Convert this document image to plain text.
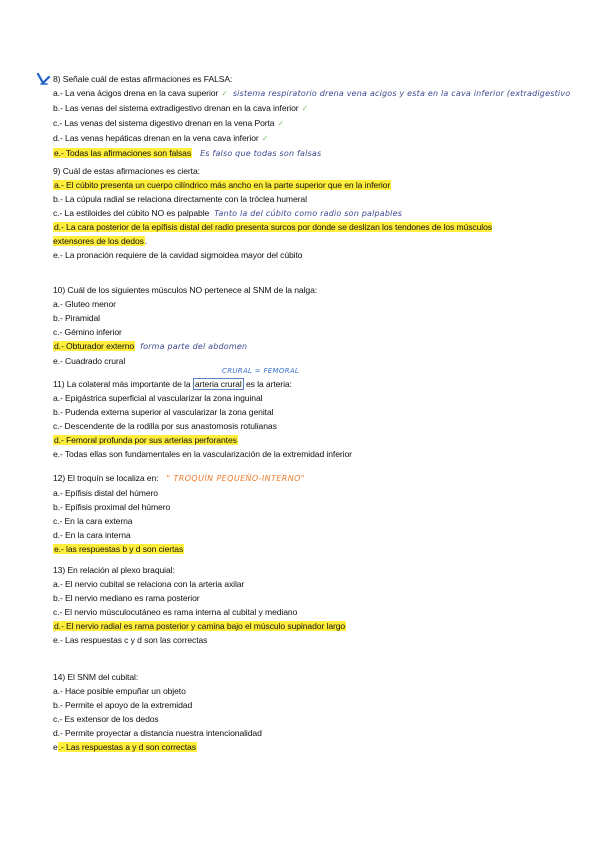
8) Señale cuál de estas afirmaciones es FALSA:
a.- La vena ácigos drena en la cava superior ✓ sistema respiratorio drena vena acigos y esta en la cava inferior (extradigestivo
b.- Las venas del sistema extradigestivo drenan en la cava inferior ✓
c.- Las venas del sistema digestivo drenan en la vena Porta ✓
d.- Las venas hepáticas drenan en la vena cava inferior ✓
e.- Todas las afirmaciones son falsas Es falso que todas son falsas
9) Cuál de estas afirmaciones es cierta:
a.- El cúbito presenta un cuerpo cilíndrico más ancho en la parte superior que en la inferior
b.- La cúpula radial se relaciona directamente con la tróclea humeral
c.- La estiloides del cúbito NO es palpable Tanto la del cúbito como radio son palpables
d.- La cara posterior de la epífisis distal del radio presenta surcos por donde se deslizan los tendones de los músculos extensores de los dedos.
e.- La pronación requiere de la cavidad sigmoidea mayor del cúbito
10) Cuál de los siguientes músculos NO pertenece al SNM de la nalga:
a.- Gluteo menor
b.- Piramidal
c.- Gémino inferior
d.- Obturador externo forma parte del abdomen
e.- Cuadrado crural
CRURAL = FEMORAL
11) La colateral más importante de la arteria crural es la arteria:
a.- Epigástrica superficial al vascularizar la zona inguinal
b.- Pudenda externa superior al vascularizar la zona genital
c.- Descendente de la rodilla por sus anastomosis rotulianas
d.- Femoral profunda por sus arterias perforantes
e.- Todas ellas son fundamentales en la vascularización de la extremidad inferior
12) El troquín se localiza en: " TROQUÍN PEQUEÑO-INTERNO"
a.- Epífisis distal del húmero
b.- Epífisis proximal del húmero
c.- En la cara externa
d.- En la cara interna
e.- las respuestas b y d son ciertas
13) En relación al plexo braquial:
a.- El nervio cubital se relaciona con la arteria axilar
b.- El nervio mediano es rama posterior
c.- El nervio músculocutáneo es rama interna al cubital y mediano
d.- El nervio radial es rama posterior y camina bajo el músculo supinador largo
e.- Las respuestas c y d son las correctas
14) El SNM del cubital:
a.- Hace posible empuñar un objeto
b.- Permite el apoyo de la extremidad
c.- Es extensor de los dedos
d.- Permite proyectar a distancia nuestra intencionalidad
e.- Las respuestas a y d son correctas
